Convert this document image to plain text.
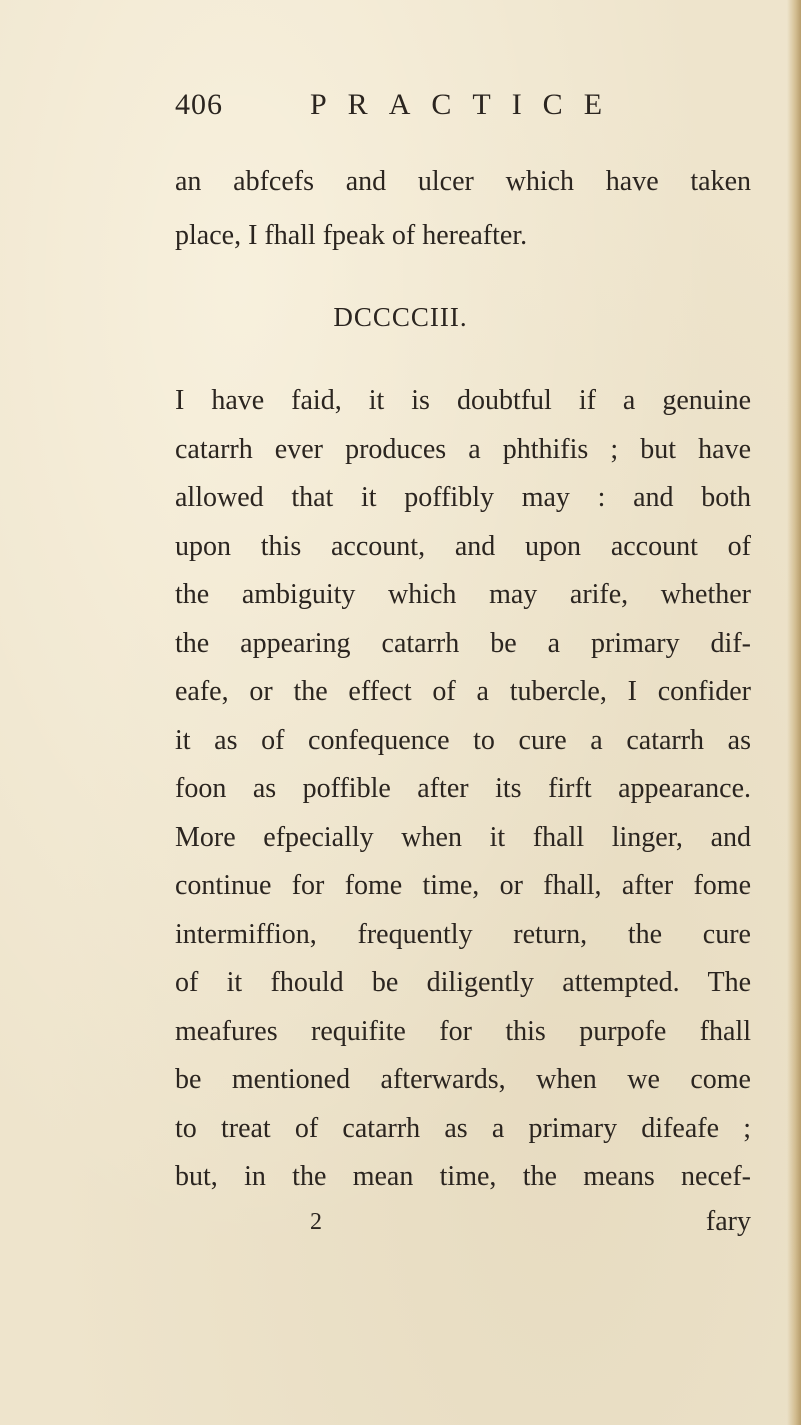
406	PRACTICE
an abfcefs and ulcer which have taken
place, I fhall fpeak of hereafter.
DCCCCIII.
I have faid, it is doubtful if a genuine
catarrh ever produces a phthifis ; but have
allowed that it poffibly may : and both
upon this account, and upon account of
the ambiguity which may arife, whether
the appearing catarrh be a primary dif-
eafe, or the effect of a tubercle, I confider
it as of confequence to cure a catarrh as
foon as poffible after its firft appearance.
More efpecially when it fhall linger, and
continue for fome time, or fhall, after fome
intermiffion, frequently return, the cure
of it fhould be diligently attempted. The
meafures requifite for this purpofe fhall
be mentioned afterwards, when we come
to treat of catarrh as a primary difeafe ;
but, in the mean time, the means necef-
2	fary
